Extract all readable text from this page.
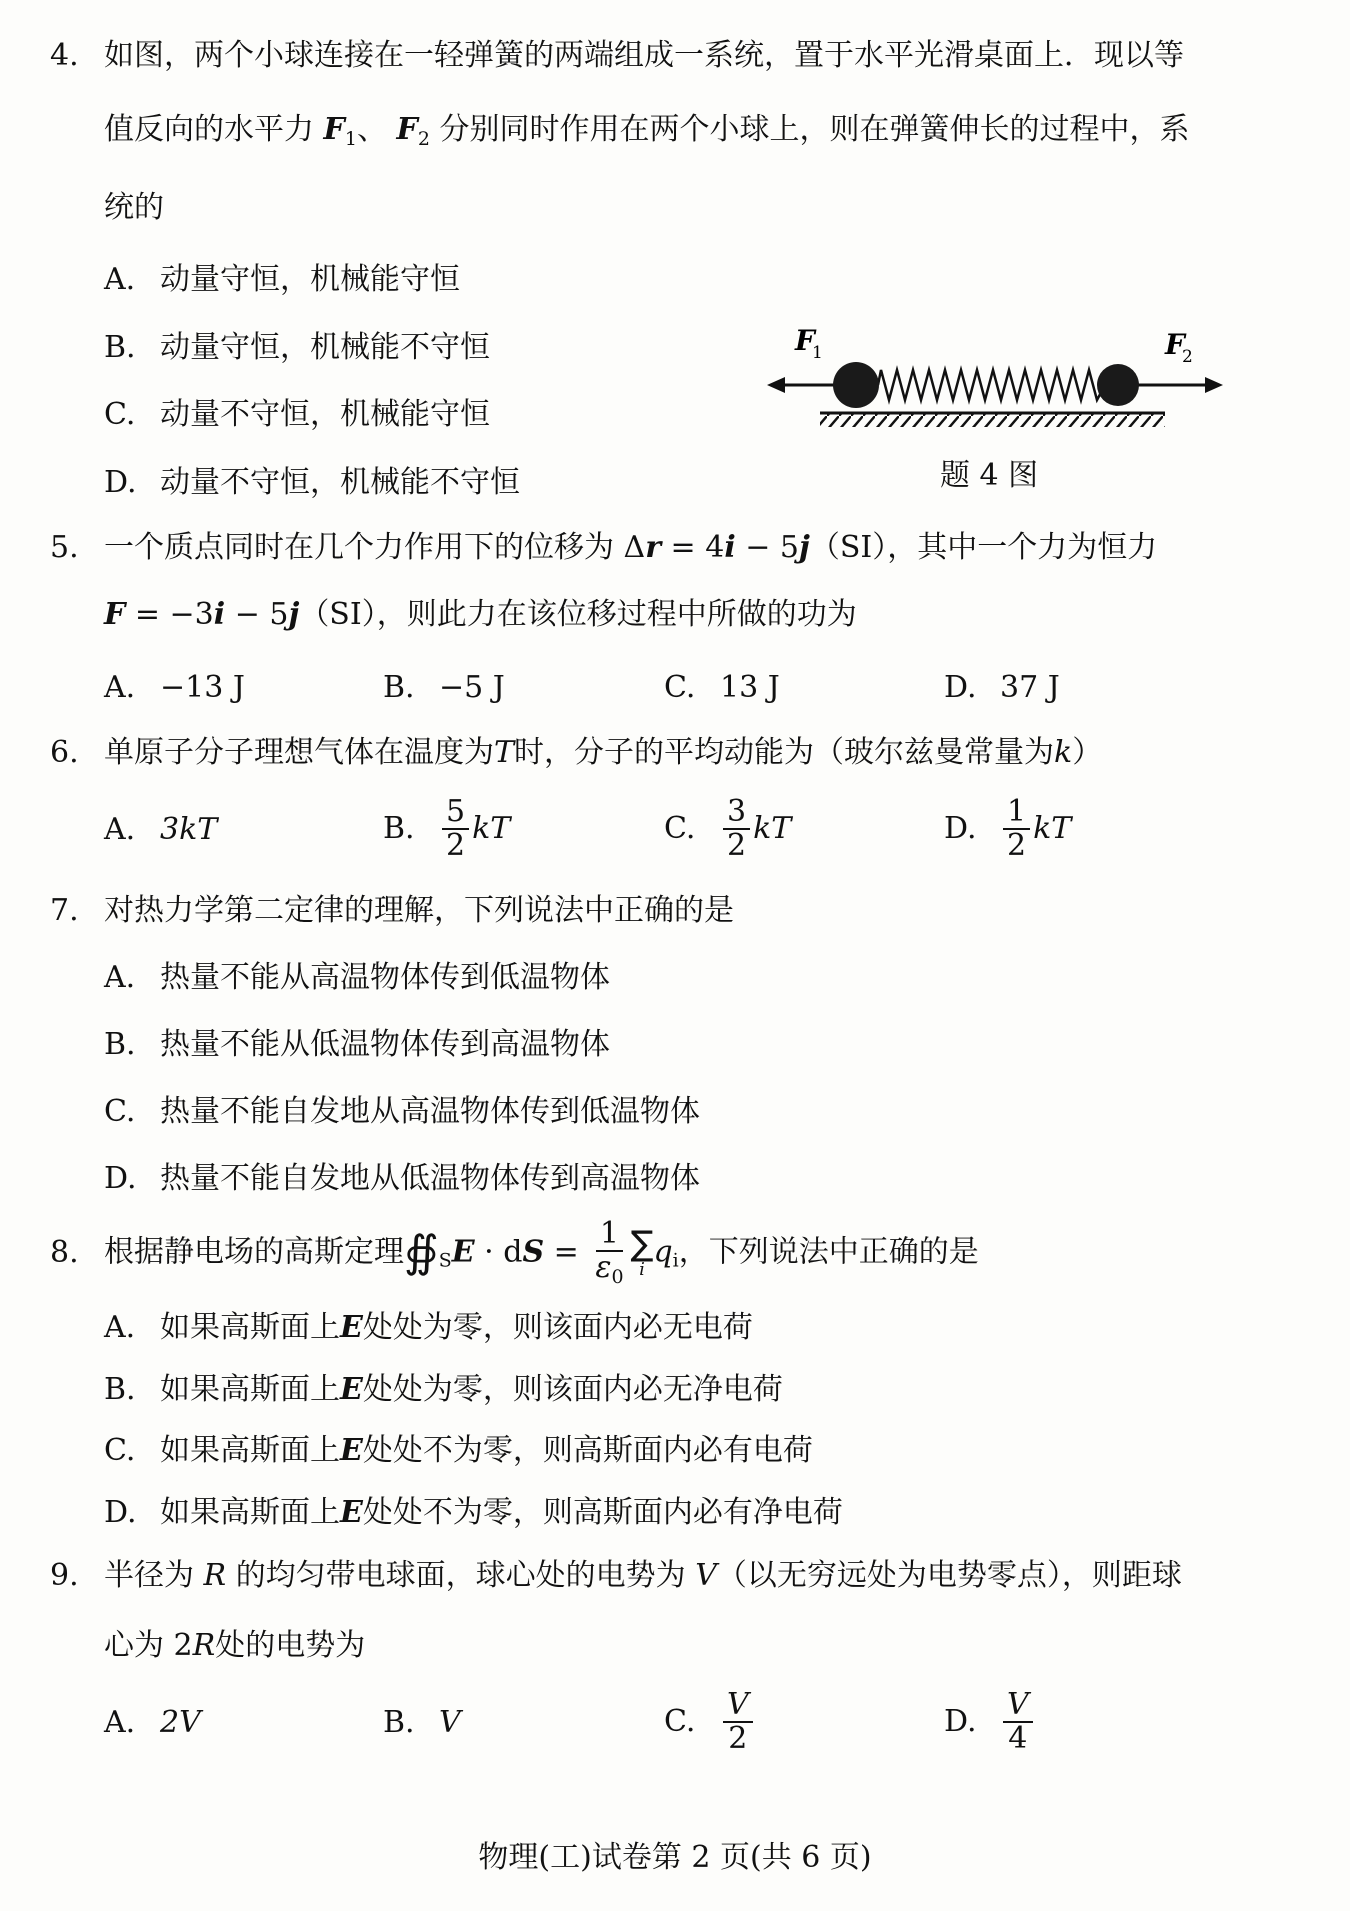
4. 如图，两个小球连接在一轻弹簧的两端组成一系统，置于水平光滑桌面上．现以等
值反向的水平力 $F_1$、 $F_2$ 分别同时作用在两个小球上，则在弹簧伸长的过程中，系
统的
A. 动量守恒，机械能守恒
B. 动量守恒，机械能不守恒
C. 动量不守恒，机械能守恒
D. 动量不守恒，机械能不守恒
F
1	F
2
题 4 图
5. 一个质点同时在几个力作用下的位移为 Δr = 4i − 5j（SI），其中一个力为恒力
F = −3i − 5j（SI），则此力在该位移过程中所做的功为
A. −13 J	B. −5 J	C. 13 J	D. 37 J
6. 单原子分子理想气体在温度为T时，分子的平均动能为（玻尔兹曼常量为k）
A. 3kT	B. $\frac{5}{2}$ kT	C. $\frac{3}{2}$ kT	D. $\frac{1}{2}$ kT
7. 对热力学第二定律的理解，下列说法中正确的是
A. 热量不能从高温物体传到低温物体
B. 热量不能从低温物体传到高温物体
C. 热量不能自发地从高温物体传到低温物体
D. 热量不能自发地从低温物体传到高温物体
8. 根据静电场的高斯定理$∯_SE$ · dS = $\frac{1}{\varepsilon_0}$ ∑
i $q_i$，下列说法中正确的是
A. 如果高斯面上E处处为零，则该面内必无电荷
B. 如果高斯面上E处处为零，则该面内必无净电荷
C. 如果高斯面上E处处不为零，则高斯面内必有电荷
D. 如果高斯面上E处处不为零，则高斯面内必有净电荷
9. 半径为 R 的均匀带电球面，球心处的电势为 V（以无穷远处为电势零点），则距球
心为 2R处的电势为
A. 2V	B. V	C. $\frac{V}{2}$	D. $\frac{V}{4}$
物理(工)试卷第 2 页(共 6 页)
